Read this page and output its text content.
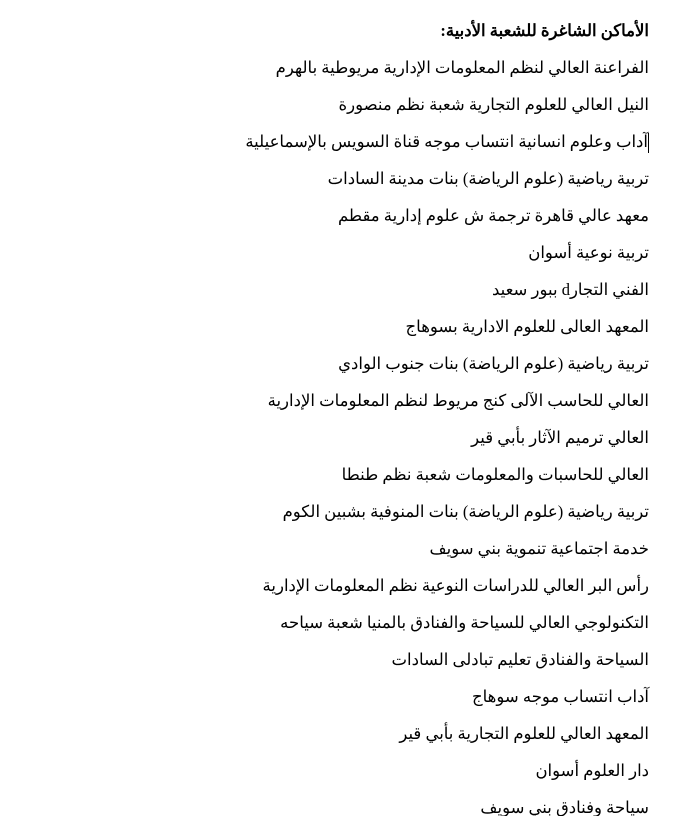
الأماكن الشاغرة للشعبة الأدبية:
الفراعنة العالي لنظم المعلومات الإدارية مريوطية بالهرم
النيل العالي للعلوم التجارية شعبة نظم منصورة
آداب وعلوم انسانية انتساب موجه قناة السويس بالإسماعيلية
تربية رياضية (علوم الرياضة) بنات مدينة السادات
معهد عالي قاهرة ترجمة ش علوم إدارية مقطم
تربية نوعية أسوان
الفني التجارd ببور سعيد
المعهد العالى للعلوم الادارية بسوهاج
تربية رياضية (علوم الرياضة) بنات جنوب الوادي
العالي للحاسب الآلى كنج مريوط لنظم المعلومات الإدارية
العالي ترميم الآثار بأبي قير
العالي للحاسبات والمعلومات شعبة نظم طنطا
تربية رياضية (علوم الرياضة) بنات المنوفية بشبين الكوم
خدمة اجتماعية تنموية بني سويف
رأس البر العالي للدراسات النوعية نظم المعلومات الإدارية
التكنولوجي العالي للسياحة والفنادق بالمنيا شعبة سياحه
السياحة والفنادق تعليم تبادلى السادات
آداب انتساب موجه سوهاج
المعهد العالي للعلوم التجارية بأبي قير
دار العلوم أسوان
سياحة وفنادق بني سويف
